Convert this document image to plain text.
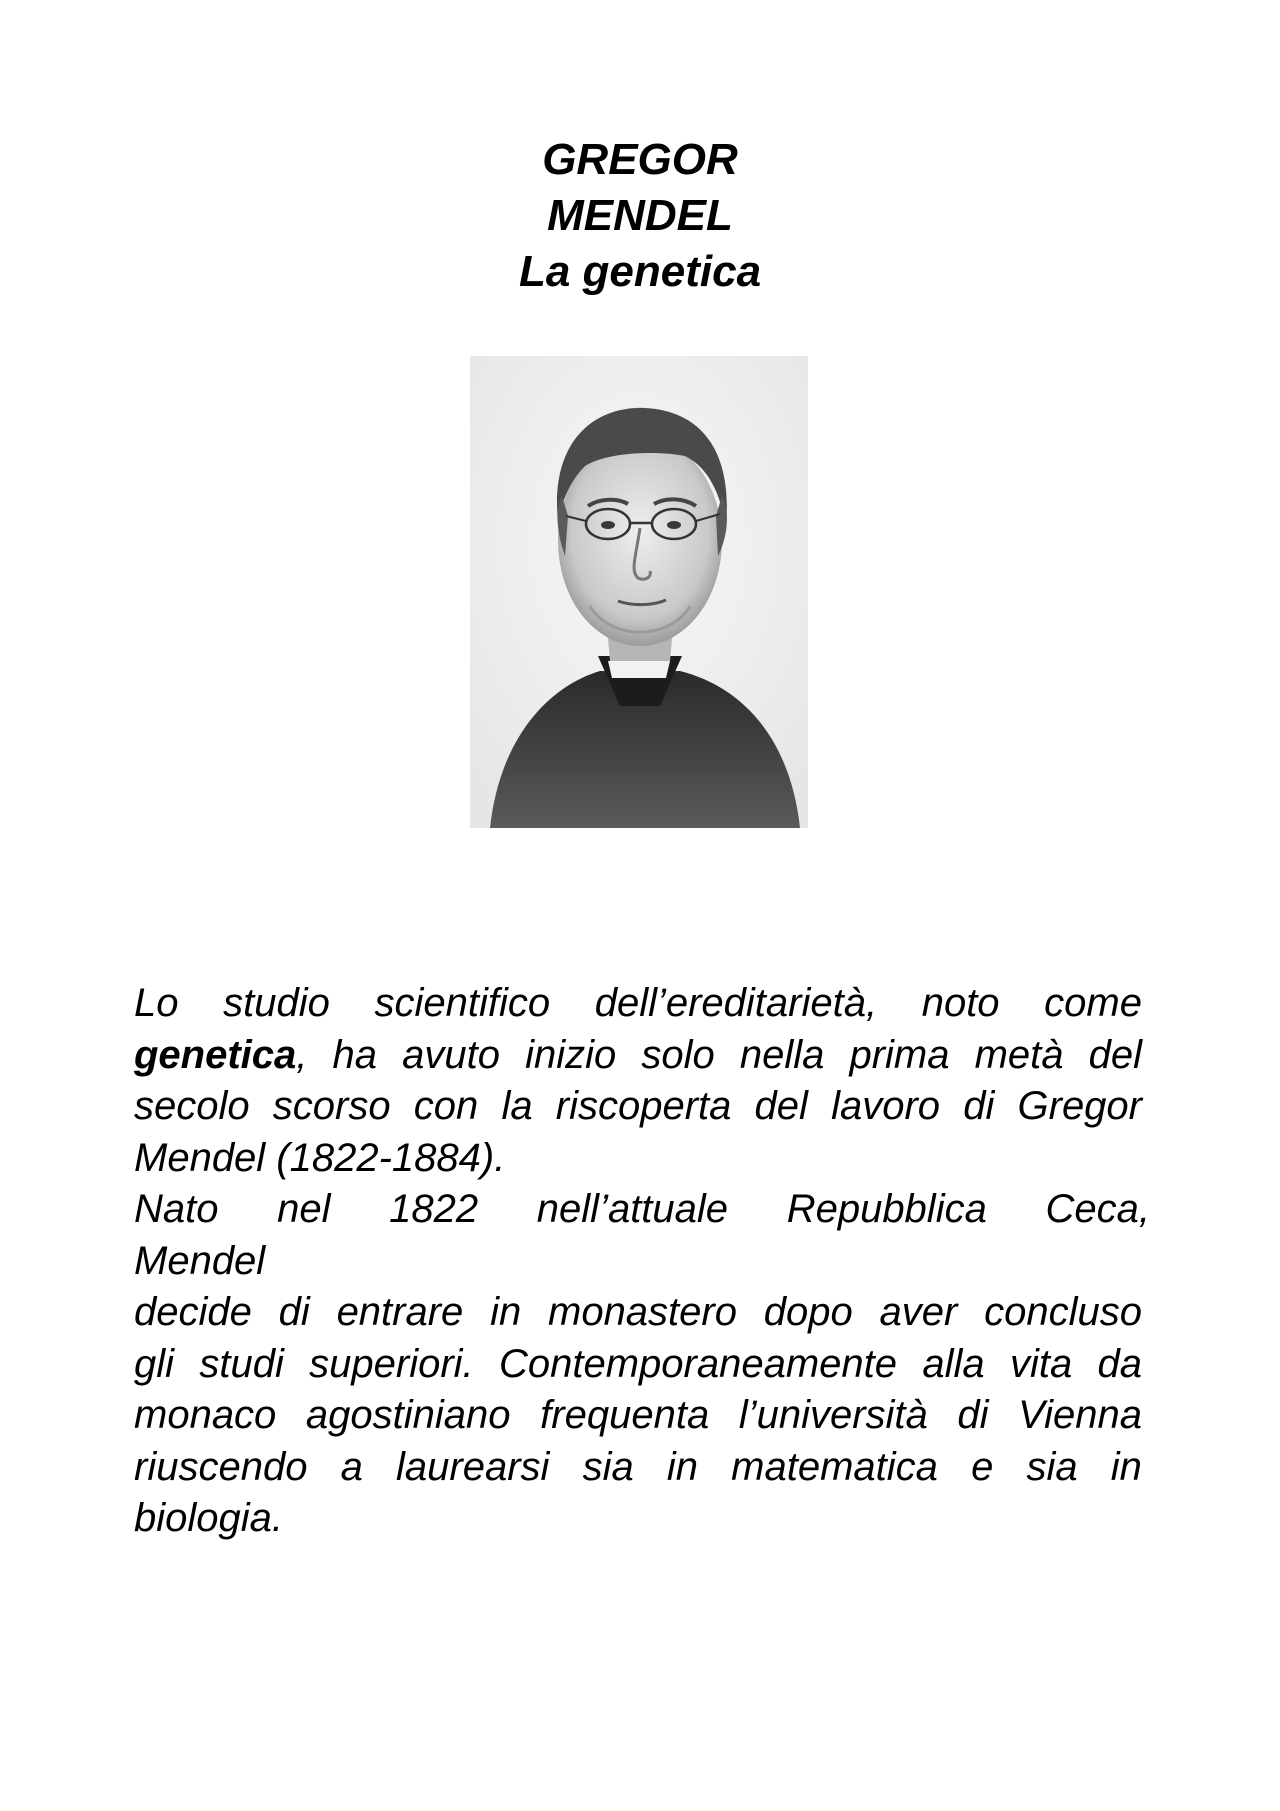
GREGOR

MENDEL

La genetica

Lo studio scientifico dell’ereditarietà, noto come
genetica, ha avuto inizio solo nella prima metà del
secolo scorso con la riscoperta del lavoro di Gregor
Mendel (1822-1884).
Nato nel 1822 nell’attuale Repubblica Ceca,
Mendel
decide di entrare in monastero dopo aver concluso
gli studi superiori. Contemporaneamente alla vita da
monaco agostiniano frequenta l’università di Vienna
riuscendo a laurearsi sia in matematica e sia in
biologia.
